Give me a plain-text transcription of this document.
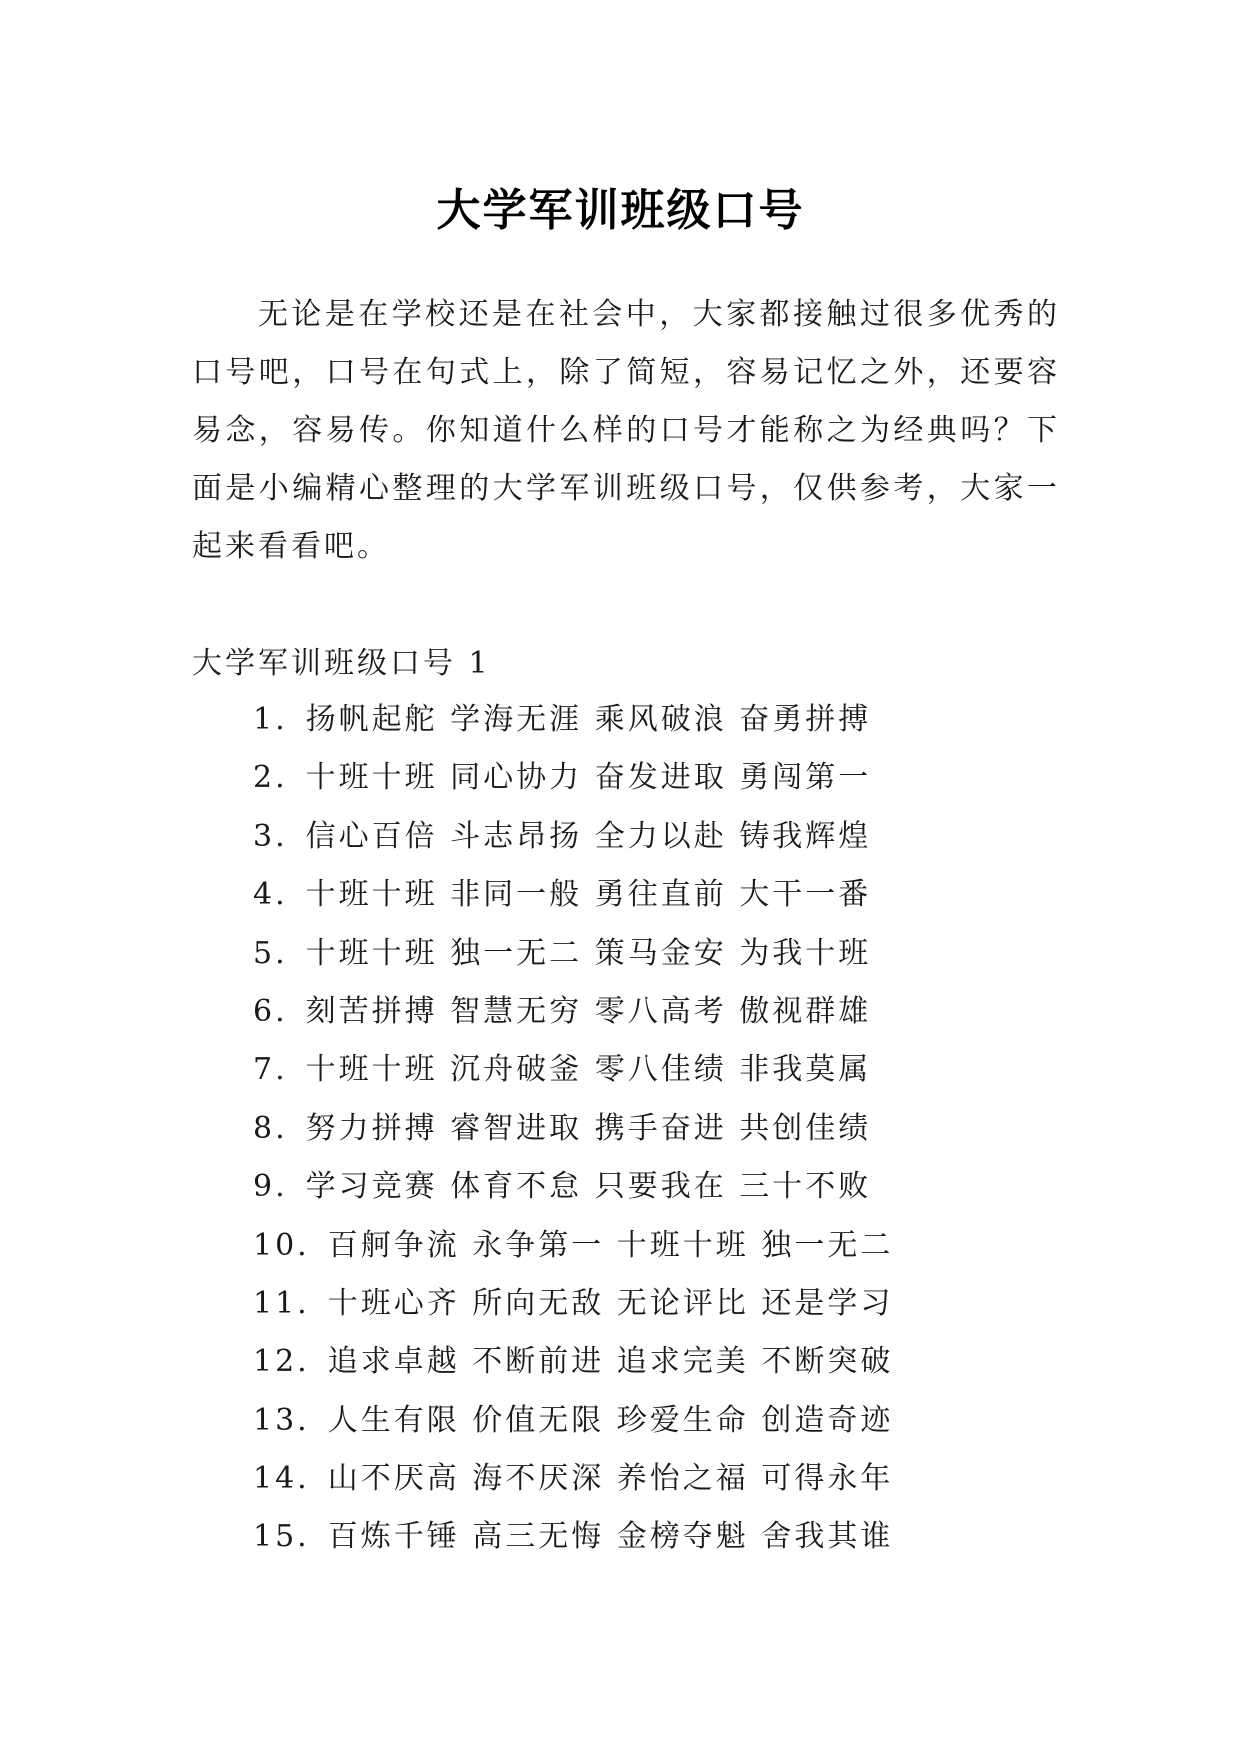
大学军训班级口号

无论是在学校还是在社会中，大家都接触过很多优秀的口号吧，口号在句式上，除了简短，容易记忆之外，还要容易念，容易传。你知道什么样的口号才能称之为经典吗？下面是小编精心整理的大学军训班级口号，仅供参考，大家一起来看看吧。

大学军训班级口号 1

1. 扬帆起舵 学海无涯 乘风破浪 奋勇拼搏
2. 十班十班 同心协力 奋发进取 勇闯第一
3. 信心百倍 斗志昂扬 全力以赴 铸我辉煌
4. 十班十班 非同一般 勇往直前 大干一番
5. 十班十班 独一无二 策马金安 为我十班
6. 刻苦拼搏 智慧无穷 零八高考 傲视群雄
7. 十班十班 沉舟破釜 零八佳绩 非我莫属
8. 努力拼搏 睿智进取 携手奋进 共创佳绩
9. 学习竞赛 体育不怠 只要我在 三十不败
10. 百舸争流 永争第一 十班十班 独一无二
11. 十班心齐 所向无敌 无论评比 还是学习
12. 追求卓越 不断前进 追求完美 不断突破
13. 人生有限 价值无限 珍爱生命 创造奇迹
14. 山不厌高 海不厌深 养怡之福 可得永年
15. 百炼千锤 高三无悔 金榜夺魁 舍我其谁
